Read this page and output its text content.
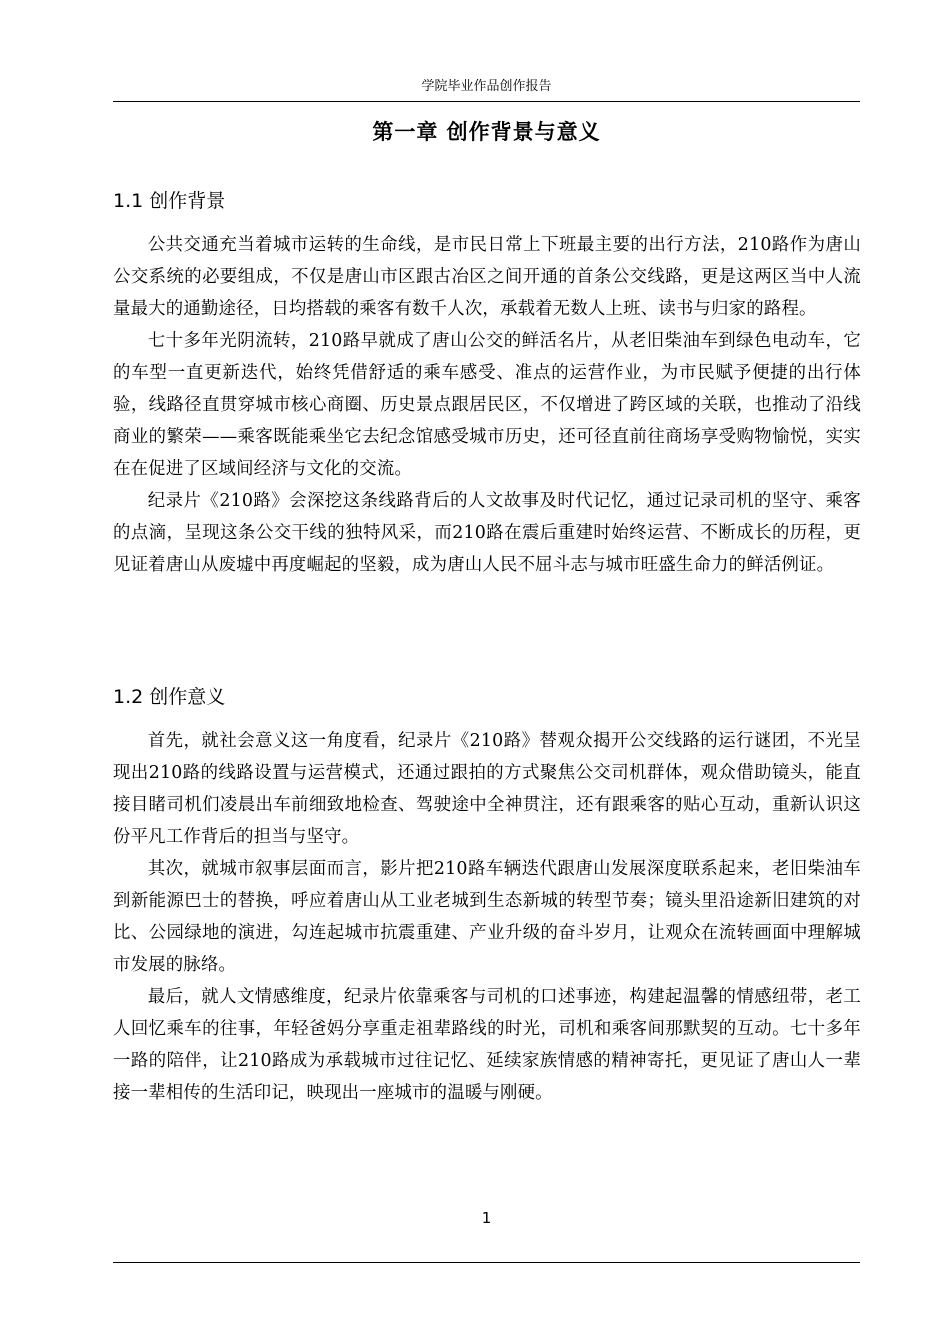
学院毕业作品创作报告
第一章 创作背景与意义
1.1 创作背景

公共交通充当着城市运转的生命线，是市民日常上下班最主要的出行方法，210路作为唐山公交系统的必要组成，不仅是唐山市区跟古冶区之间开通的首条公交线路，更是这两区当中人流量最大的通勤途径，日均搭载的乘客有数千人次，承载着无数人上班、读书与归家的路程。

七十多年光阴流转，210路早就成了唐山公交的鲜活名片，从老旧柴油车到绿色电动车，它的车型一直更新迭代，始终凭借舒适的乘车感受、准点的运营作业，为市民赋予便捷的出行体验，线路径直贯穿城市核心商圈、历史景点跟居民区，不仅增进了跨区域的关联，也推动了沿线商业的繁荣——乘客既能乘坐它去纪念馆感受城市历史，还可径直前往商场享受购物愉悦，实实在在促进了区域间经济与文化的交流。

纪录片《210路》会深挖这条线路背后的人文故事及时代记忆，通过记录司机的坚守、乘客的点滴，呈现这条公交干线的独特风采，而210路在震后重建时始终运营、不断成长的历程，更见证着唐山从废墟中再度崛起的坚毅，成为唐山人民不屈斗志与城市旺盛生命力的鲜活例证。

1.2 创作意义

首先，就社会意义这一角度看，纪录片《210路》替观众揭开公交线路的运行谜团，不光呈现出210路的线路设置与运营模式，还通过跟拍的方式聚焦公交司机群体，观众借助镜头，能直接目睹司机们凌晨出车前细致地检查、驾驶途中全神贯注，还有跟乘客的贴心互动，重新认识这份平凡工作背后的担当与坚守。

其次，就城市叙事层面而言，影片把210路车辆迭代跟唐山发展深度联系起来，老旧柴油车到新能源巴士的替换，呼应着唐山从工业老城到生态新城的转型节奏；镜头里沿途新旧建筑的对比、公园绿地的演进，勾连起城市抗震重建、产业升级的奋斗岁月，让观众在流转画面中理解城市发展的脉络。

最后，就人文情感维度，纪录片依靠乘客与司机的口述事迹，构建起温馨的情感纽带，老工人回忆乘车的往事，年轻爸妈分享重走祖辈路线的时光，司机和乘客间那默契的互动。七十多年一路的陪伴，让210路成为承载城市过往记忆、延续家族情感的精神寄托，更见证了唐山人一辈接一辈相传的生活印记，映现出一座城市的温暖与刚硬。

1
